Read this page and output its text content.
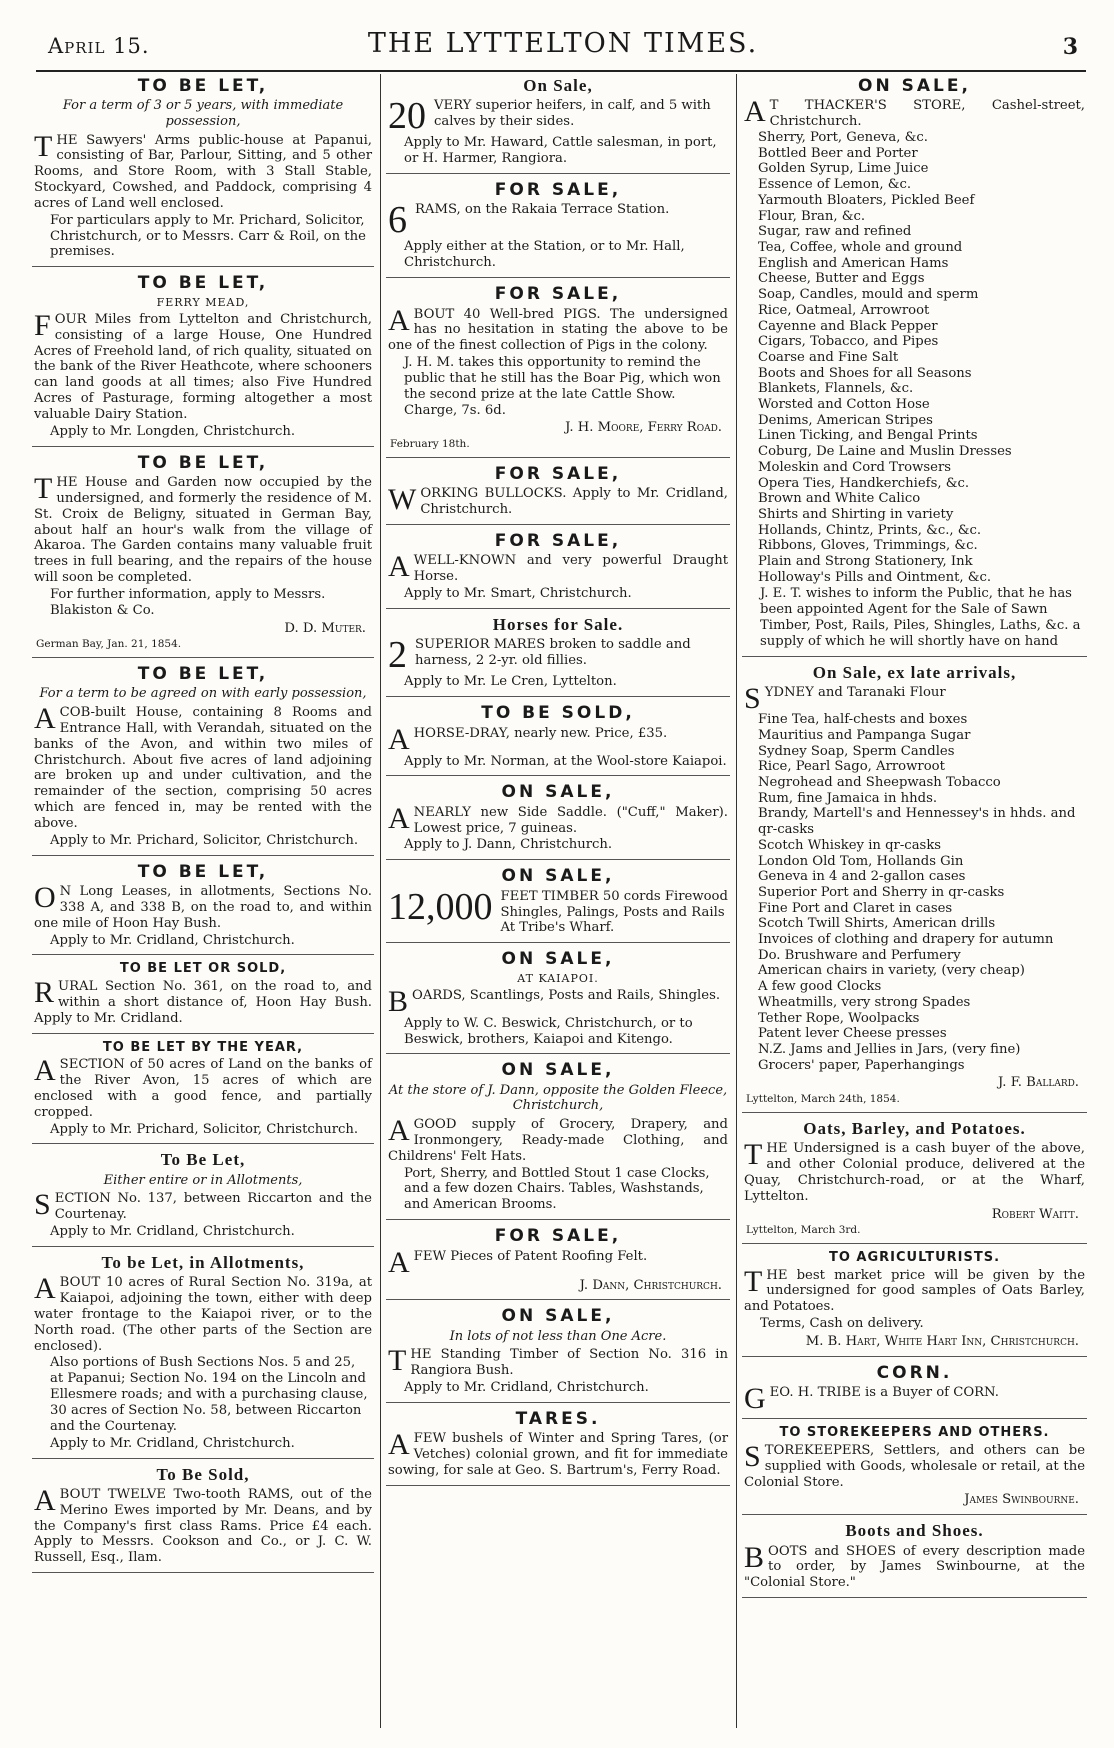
April 15.	THE LYTTELTON TIMES.	3
TO BE LET,
For a term of 3 or 5 years, with immediate possession,

THE Sawyers' Arms public-house at Papanui, consisting of Bar, Parlour, Sitting, and 5 other Rooms, and Store Room, with 3 Stall Stable, Stockyard, Cowshed, and Paddock, comprising 4 acres of Land well enclosed.

For particulars apply to Mr. Prichard, Solicitor, Christchurch, or to Messrs. Carr & Roil, on the premises.

TO BE LET,
FERRY MEAD,

FOUR Miles from Lyttelton and Christchurch, consisting of a large House, One Hundred Acres of Freehold land, of rich quality, situated on the bank of the River Heathcote, where schooners can land goods at all times; also Five Hundred Acres of Pasturage, forming altogether a most valuable Dairy Station.

Apply to Mr. Longden, Christchurch.

TO BE LET,

THE House and Garden now occupied by the undersigned, and formerly the residence of M. St. Croix de Beligny, situated in German Bay, about half an hour's walk from the village of Akaroa. The Garden contains many valuable fruit trees in full bearing, and the repairs of the house will soon be completed.

For further information, apply to Messrs. Blakiston & Co.

D. D. Muter.

German Bay, Jan. 21, 1854.

TO BE LET,
For a term to be agreed on with early possession,

ACOB-built House, containing 8 Rooms and Entrance Hall, with Verandah, situated on the banks of the Avon, and within two miles of Christchurch. About five acres of land adjoining are broken up and under cultivation, and the remainder of the section, comprising 50 acres which are fenced in, may be rented with the above.

Apply to Mr. Prichard, Solicitor, Christchurch.

TO BE LET,

ON Long Leases, in allotments, Sections No. 338 A, and 338 B, on the road to, and within one mile of Hoon Hay Bush.

Apply to Mr. Cridland, Christchurch.

TO BE LET OR SOLD,

RURAL Section No. 361, on the road to, and within a short distance of, Hoon Hay Bush. Apply to Mr. Cridland.

TO BE LET BY THE YEAR,

ASECTION of 50 acres of Land on the banks of the River Avon, 15 acres of which are enclosed with a good fence, and partially cropped.

Apply to Mr. Prichard, Solicitor, Christchurch.

To Be Let,
Either entire or in Allotments,

SECTION No. 137, between Riccarton and the Courtenay.

Apply to Mr. Cridland, Christchurch.

To be Let, in Allotments,

ABOUT 10 acres of Rural Section No. 319a, at Kaiapoi, adjoining the town, either with deep water frontage to the Kaiapoi river, or to the North road. (The other parts of the Section are enclosed).

Also portions of Bush Sections Nos. 5 and 25, at Papanui; Section No. 194 on the Lincoln and Ellesmere roads; and with a purchasing clause, 30 acres of Section No. 58, between Riccarton and the Courtenay.

Apply to Mr. Cridland, Christchurch.

To Be Sold,

ABOUT TWELVE Two-tooth RAMS, out of the Merino Ewes imported by Mr. Deans, and by the Company's first class Rams. Price £4 each. Apply to Messrs. Cookson and Co., or J. C. W. Russell, Esq., Ilam.

On Sale,
20 VERY superior heifers, in calf, and 5 with calves by their sides.

Apply to Mr. Haward, Cattle salesman, in port, or H. Harmer, Rangiora.

FOR SALE,
6 RAMS, on the Rakaia Terrace Station.

Apply either at the Station, or to Mr. Hall, Christchurch.

FOR SALE,

ABOUT 40 Well-bred PIGS. The undersigned has no hesitation in stating the above to be one of the finest collection of Pigs in the colony.

J. H. M. takes this opportunity to remind the public that he still has the Boar Pig, which won the second prize at the late Cattle Show. Charge, 7s. 6d.

J. H. Moore, Ferry Road.

February 18th.

FOR SALE,

WORKING BULLOCKS. Apply to Mr. Cridland, Christchurch.

FOR SALE,

AWELL-KNOWN and very powerful Draught Horse.

Apply to Mr. Smart, Christchurch.

Horses for Sale.
2 SUPERIOR MARES broken to saddle and harness, 2 2-yr. old fillies.

Apply to Mr. Le Cren, Lyttelton.

TO BE SOLD,

AHORSE-DRAY, nearly new. Price, £35.

Apply to Mr. Norman, at the Wool-store Kaiapoi.

ON SALE,

ANEARLY new Side Saddle. ("Cuff," Maker). Lowest price, 7 guineas.

Apply to J. Dann, Christchurch.

ON SALE,
12,000 FEET TIMBER 50 cords Firewood Shingles, Palings, Posts and Rails At Tribe's Wharf.

ON SALE,
AT KAIAPOI.

BOARDS, Scantlings, Posts and Rails, Shingles.

Apply to W. C. Beswick, Christchurch, or to Beswick, brothers, Kaiapoi and Kitengo.

ON SALE,
At the store of J. Dann, opposite the Golden Fleece, Christchurch,

AGOOD supply of Grocery, Drapery, and Ironmongery, Ready-made Clothing, and Childrens' Felt Hats.

Port, Sherry, and Bottled Stout 1 case Clocks, and a few dozen Chairs. Tables, Washstands, and American Brooms.

FOR SALE,

AFEW Pieces of Patent Roofing Felt.

J. Dann, Christchurch.

ON SALE,
In lots of not less than One Acre.

THE Standing Timber of Section No. 316 in Rangiora Bush.

Apply to Mr. Cridland, Christchurch.

TARES.

AFEW bushels of Winter and Spring Tares, (or Vetches) colonial grown, and fit for immediate sowing, for sale at Geo. S. Bartrum's, Ferry Road.

ON SALE,

AT THACKER'S STORE, Cashel-street, Christchurch.

Sherry, Port, Geneva, &c.
Bottled Beer and Porter
Golden Syrup, Lime Juice
Essence of Lemon, &c.
Yarmouth Bloaters, Pickled Beef
Flour, Bran, &c.
Sugar, raw and refined
Tea, Coffee, whole and ground
English and American Hams
Cheese, Butter and Eggs
Soap, Candles, mould and sperm
Rice, Oatmeal, Arrowroot
Cayenne and Black Pepper
Cigars, Tobacco, and Pipes
Coarse and Fine Salt
Boots and Shoes for all Seasons
Blankets, Flannels, &c.
Worsted and Cotton Hose
Denims, American Stripes
Linen Ticking, and Bengal Prints
Coburg, De Laine and Muslin Dresses
Moleskin and Cord Trowsers
Opera Ties, Handkerchiefs, &c.
Brown and White Calico
Shirts and Shirting in variety
Hollands, Chintz, Prints, &c., &c.
Ribbons, Gloves, Trimmings, &c.
Plain and Strong Stationery, Ink
Holloway's Pills and Ointment, &c.

J. E. T. wishes to inform the Public, that he has been appointed Agent for the Sale of Sawn Timber, Post, Rails, Piles, Shingles, Laths, &c. a supply of which he will shortly have on hand

On Sale, ex late arrivals,

SYDNEY and Taranaki Flour

Fine Tea, half-chests and boxes
Mauritius and Pampanga Sugar
Sydney Soap, Sperm Candles
Rice, Pearl Sago, Arrowroot
Negrohead and Sheepwash Tobacco
Rum, fine Jamaica in hhds.
Brandy, Martell's and Hennessey's in hhds. and qr-casks
Scotch Whiskey in qr-casks
London Old Tom, Hollands Gin
Geneva in 4 and 2-gallon cases
Superior Port and Sherry in qr-casks
Fine Port and Claret in cases
Scotch Twill Shirts, American drills
Invoices of clothing and drapery for autumn
Do. Brushware and Perfumery
American chairs in variety, (very cheap)
A few good Clocks
Wheatmills, very strong Spades
Tether Rope, Woolpacks
Patent lever Cheese presses
N.Z. Jams and Jellies in Jars, (very fine)
Grocers' paper, Paperhangings

J. F. Ballard.

Lyttelton, March 24th, 1854.

Oats, Barley, and Potatoes.

THE Undersigned is a cash buyer of the above, and other Colonial produce, delivered at the Quay, Christchurch-road, or at the Wharf, Lyttelton.

Robert Waitt.

Lyttelton, March 3rd.

TO AGRICULTURISTS.

THE best market price will be given by the undersigned for good samples of Oats Barley, and Potatoes.

Terms, Cash on delivery.

M. B. Hart, White Hart Inn, Christchurch.

CORN.

GEO. H. TRIBE is a Buyer of CORN.

TO STOREKEEPERS AND OTHERS.

STOREKEEPERS, Settlers, and others can be supplied with Goods, wholesale or retail, at the Colonial Store.

James Swinbourne.

Boots and Shoes.

BOOTS and SHOES of every description made to order, by James Swinbourne, at the "Colonial Store."
